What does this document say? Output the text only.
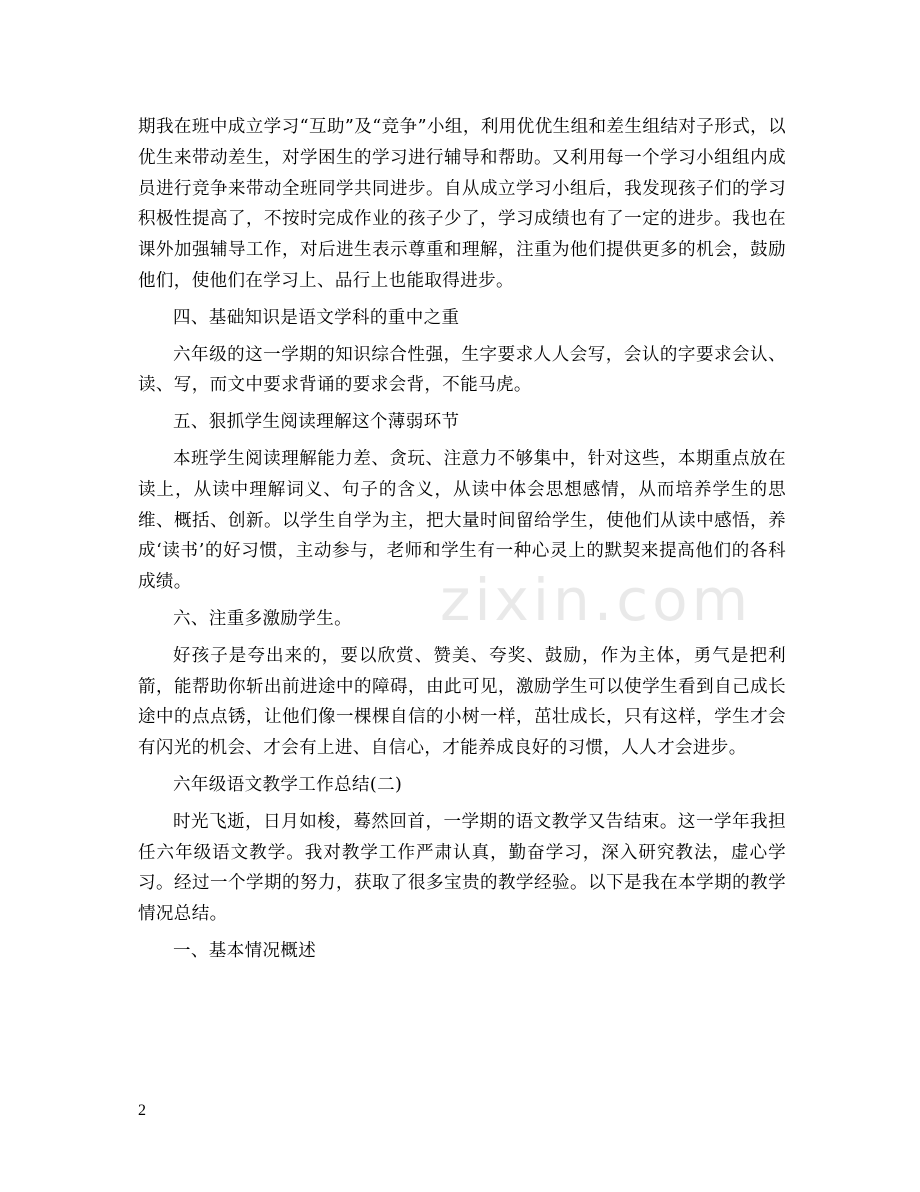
zixin.com

期我在班中成立学习“互助”及“竞争”小组，利用优优生组和差生组结对子形式，以优生来带动差生，对学困生的学习进行辅导和帮助。又利用每一个学习小组组内成员进行竞争来带动全班同学共同进步。自从成立学习小组后，我发现孩子们的学习积极性提高了，不按时完成作业的孩子少了，学习成绩也有了一定的进步。我也在课外加强辅导工作，对后进生表示尊重和理解，注重为他们提供更多的机会，鼓励他们，使他们在学习上、品行上也能取得进步。

四、基础知识是语文学科的重中之重

六年级的这一学期的知识综合性强，生字要求人人会写，会认的字要求会认、读、写，而文中要求背诵的要求会背，不能马虎。

五、狠抓学生阅读理解这个薄弱环节

本班学生阅读理解能力差、贪玩、注意力不够集中，针对这些，本期重点放在读上，从读中理解词义、句子的含义，从读中体会思想感情，从而培养学生的思维、概括、创新。以学生自学为主，把大量时间留给学生，使他们从读中感悟，养成‘读书’的好习惯，主动参与，老师和学生有一种心灵上的默契来提高他们的各科成绩。

六、注重多激励学生。

好孩子是夸出来的，要以欣赏、赞美、夸奖、鼓励，作为主体，勇气是把利箭，能帮助你斩出前进途中的障碍，由此可见，激励学生可以使学生看到自己成长途中的点点锈，让他们像一棵棵自信的小树一样，茁壮成长，只有这样，学生才会有闪光的机会、才会有上进、自信心，才能养成良好的习惯，人人才会进步。

六年级语文教学工作总结(二)

时光飞逝，日月如梭，蓦然回首，一学期的语文教学又告结束。这一学年我担任六年级语文教学。我对教学工作严肃认真，勤奋学习，深入研究教法，虚心学习。经过一个学期的努力，获取了很多宝贵的教学经验。以下是我在本学期的教学情况总结。

一、基本情况概述

2
